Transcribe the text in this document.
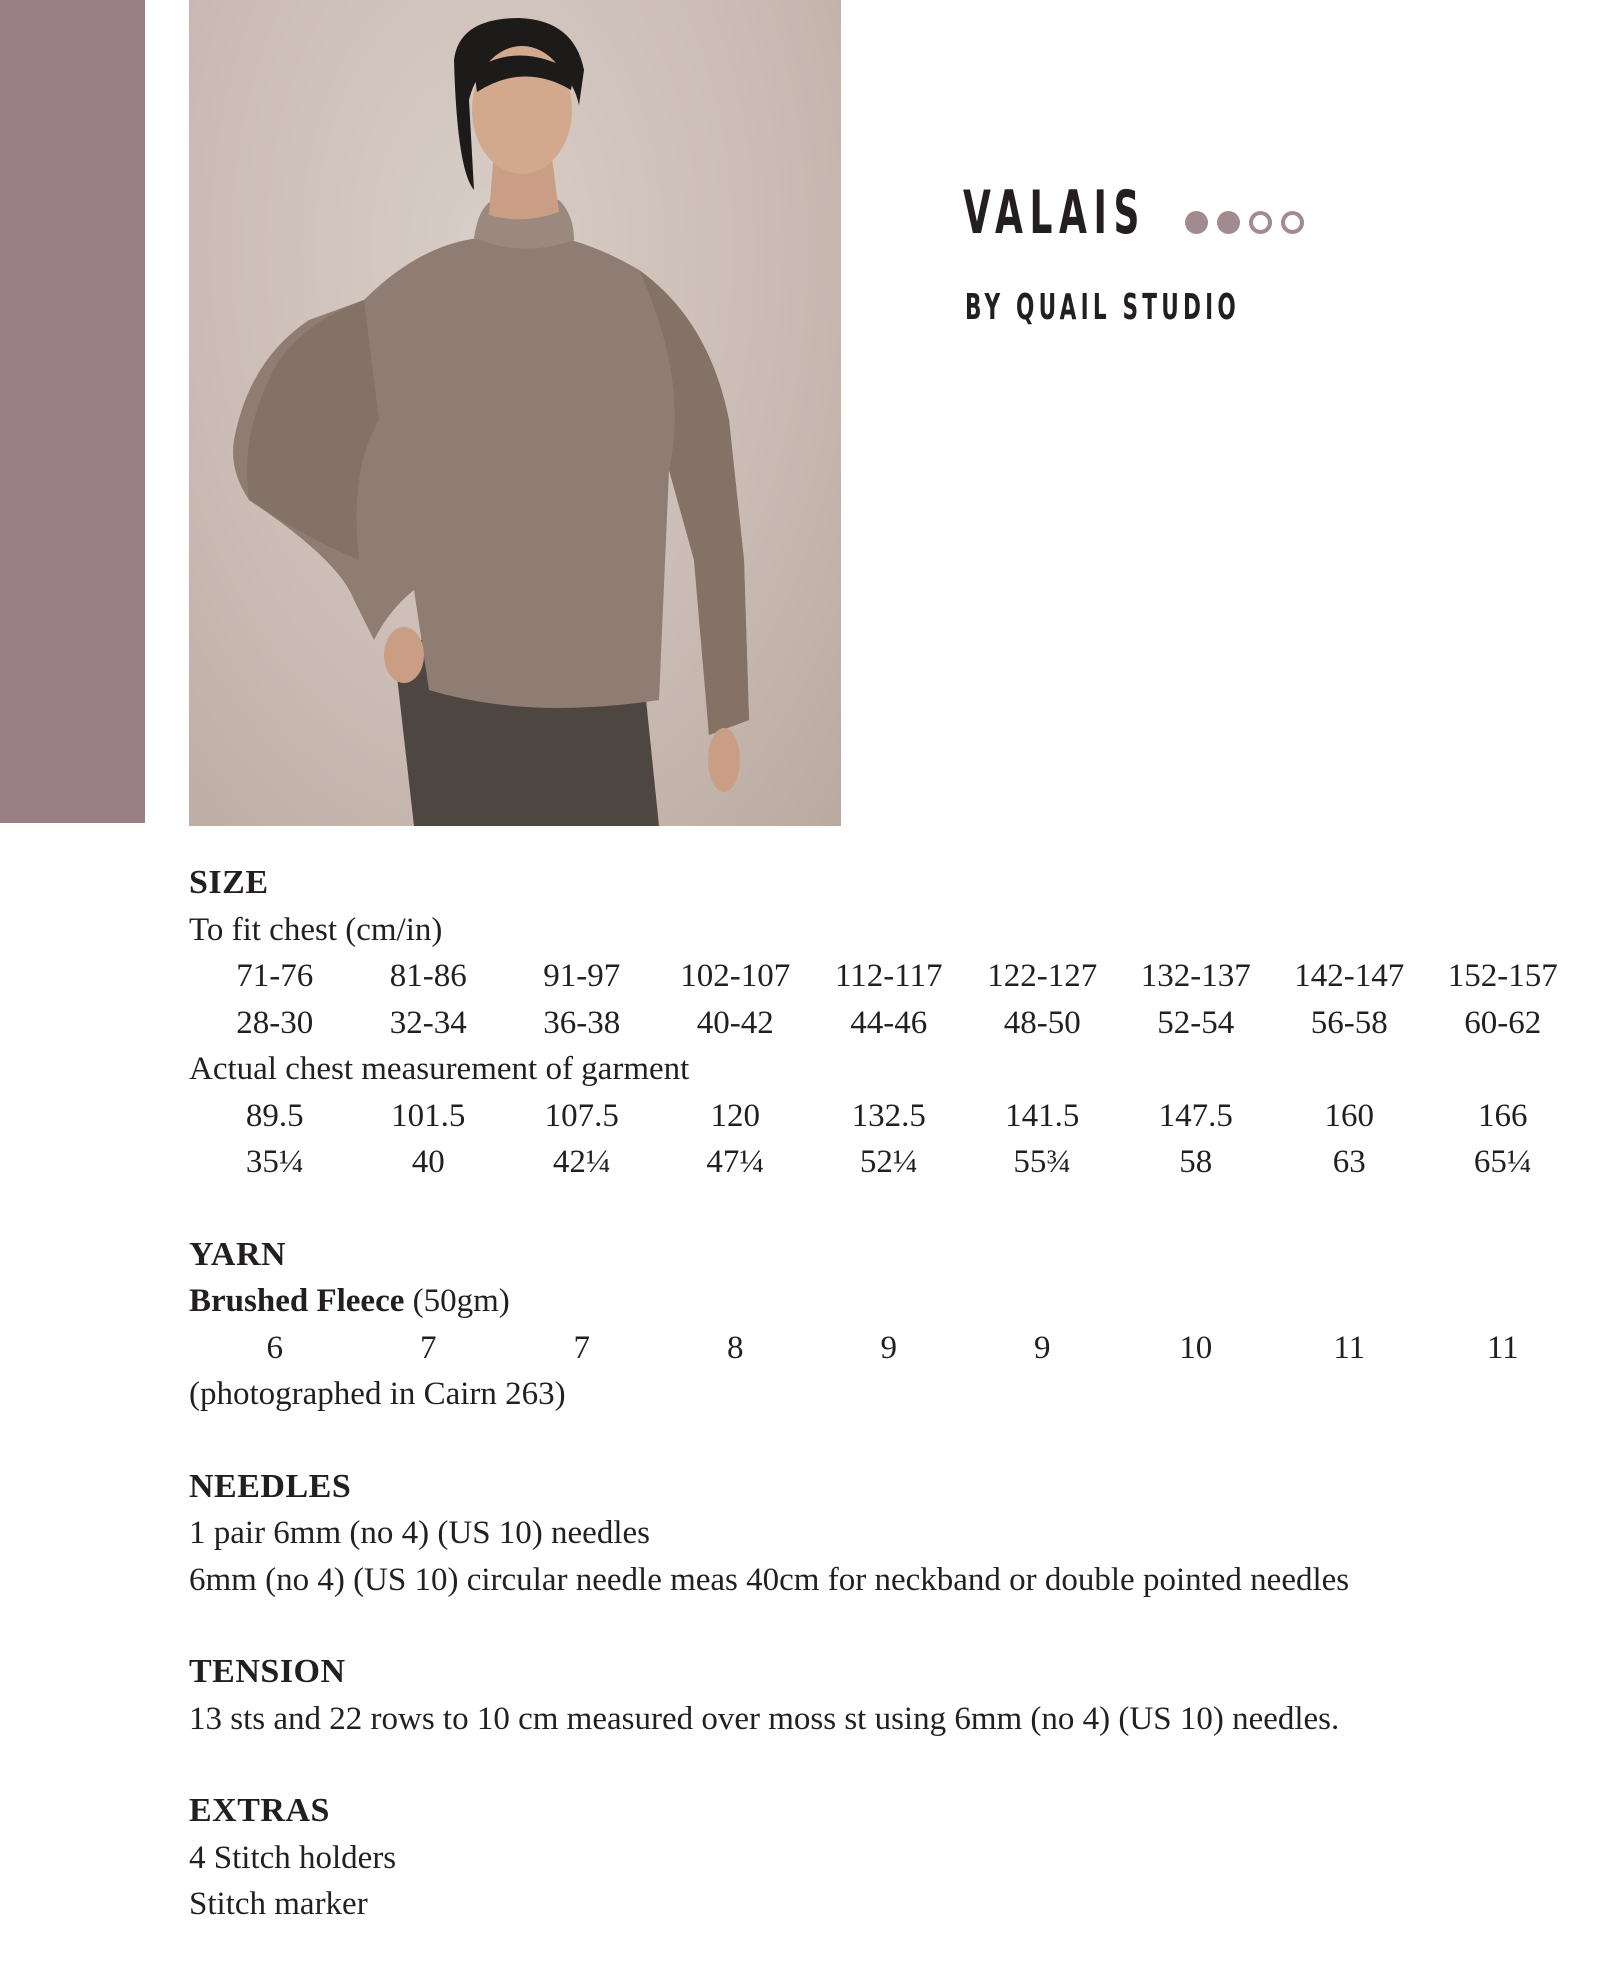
VALAIS
BY QUAIL STUDIO
SIZE
To fit chest (cm/in)
71-76	81-86	91-97	102-107	112-117	122-127	132-137	142-147	152-157
28-30	32-34	36-38	40-42	44-46	48-50	52-54	56-58	60-62
Actual chest measurement of garment
89.5	101.5	107.5	120	132.5	141.5	147.5	160	166
35¼	40	42¼	47¼	52¼	55¾	58	63	65¼
YARN
Brushed Fleece (50gm)
6	7	7	8	9	9	10	11	11
(photographed in Cairn 263)
NEEDLES
1 pair 6mm (no 4) (US 10) needles
6mm (no 4) (US 10) circular needle meas 40cm for neckband or double pointed needles
TENSION
13 sts and 22 rows to 10 cm measured over moss st using 6mm (no 4) (US 10) needles.
EXTRAS
4 Stitch holders
Stitch marker
